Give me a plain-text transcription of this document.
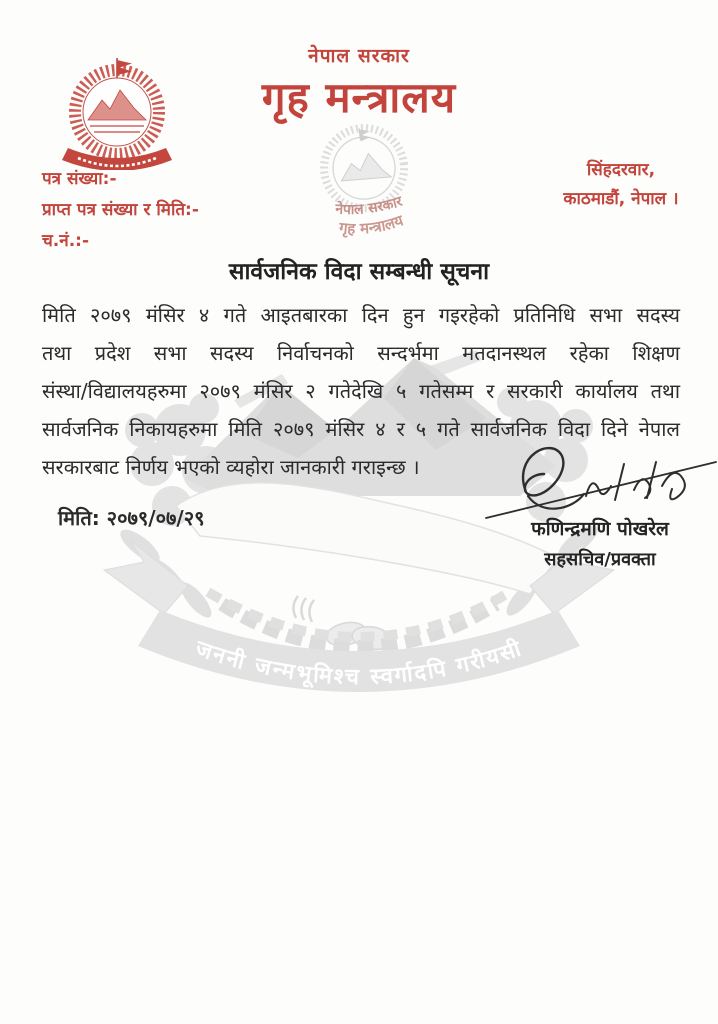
जननी जन्मभूमिश्च स्वर्गादपि गरीयसी
नेपाल सरकार
गृह मन्त्रालय
नेपाल सरकार
गृह मन्त्रालय
पत्र संख्या:-
प्राप्त पत्र संख्या र मिति:-
च.नं.:-
सिंहदरवार,
काठमाडौं, नेपाल ।
सार्वजनिक विदा सम्बन्धी सूचना
मिति २०७९ मंसिर ४ गते आइतबारका दिन हुन गइरहेको प्रतिनिधि सभा सदस्य
तथा प्रदेश सभा सदस्य निर्वाचनको सन्दर्भमा मतदानस्थल रहेका शिक्षण
संस्था/विद्यालयहरुमा २०७९ मंसिर २ गतेदेखि ५ गतेसम्म र सरकारी कार्यालय तथा
सार्वजनिक निकायहरुमा मिति २०७९ मंसिर ४ र ५ गते सार्वजनिक विदा दिने नेपाल
सरकारबाट निर्णय भएको व्यहोरा जानकारी गराइन्छ ।
मिति: २०७९/०७/२९	फणिन्द्रमणि पोखरेल
सहसचिव/प्रवक्ता
